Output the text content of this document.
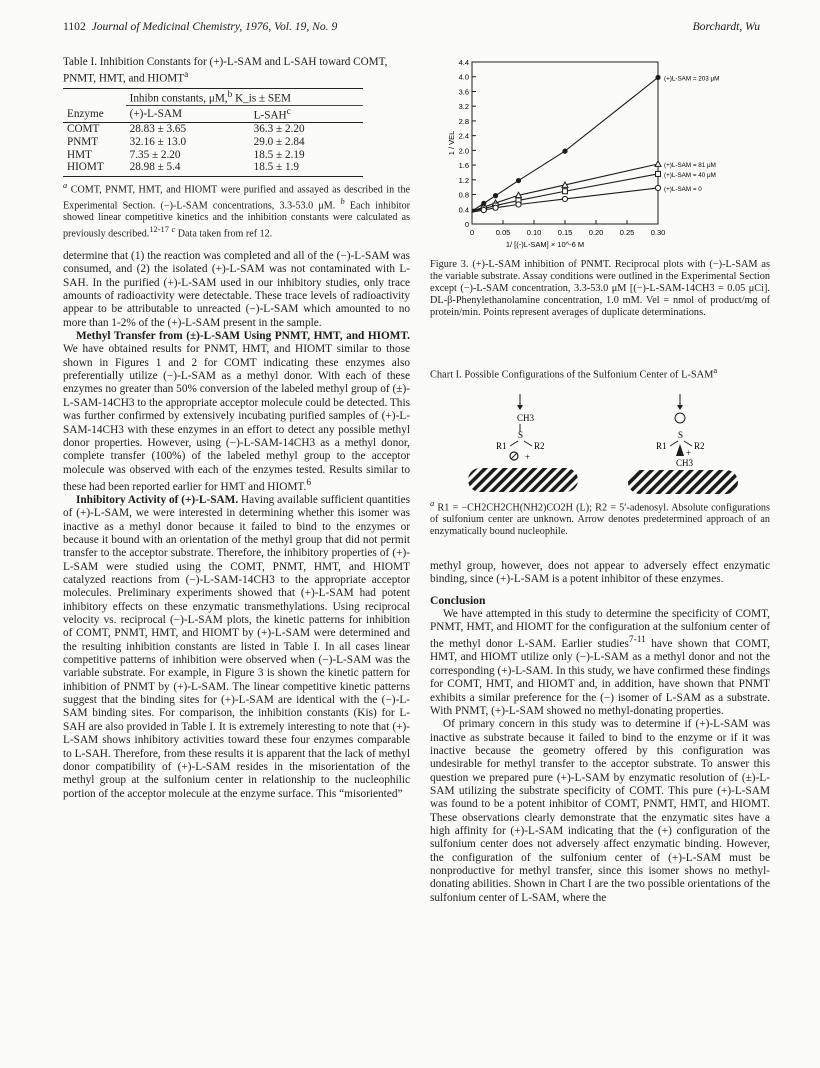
1102 Journal of Medicinal Chemistry, 1976, Vol. 19, No. 9	Borchardt, Wu
Table I. Inhibition Constants for (+)-L-SAM and L-SAH toward COMT, PNMT, HMT, and HIOMT$^a$
	Inhibn constants, μM,$^b$ K_is ± SEM	
Enzyme	(+)-L-SAM	L-SAH$^c$
COMT	28.83 ± 3.65	36.3 ± 2.20
PNMT	32.16 ± 13.0	29.0 ± 2.84
HMT	7.35 ± 2.20	18.5 ± 2.19
HIOMT	28.98 ± 5.4	18.5 ± 1.9
$^a$ COMT, PNMT, HMT, and HIOMT were purified and assayed as described in the Experimental Section. (−)-L-SAM concentrations, 3.3-53.0 μM. $^b$ Each inhibitor showed linear competitive kinetics and the inhibition constants were calculated as previously described.$^{12-17}$ $^c$ Data taken from ref 12.

determine that (1) the reaction was completed and all of the (−)-L-SAM was consumed, and (2) the isolated (+)-L-SAM was not contaminated with L-SAH. In the purified (+)-L-SAM used in our inhibitory studies, only trace amounts of radioactivity were detectable. These trace levels of radioactivity appear to be attributable to unreacted (−)-L-SAM which amounted to no more than 1-2% of the (+)-L-SAM present in the sample.

Methyl Transfer from (±)-L-SAM Using PNMT, HMT, and HIOMT. We have obtained results for PNMT, HMT, and HIOMT similar to those shown in Figures 1 and 2 for COMT indicating these enzymes also preferentially utilize (−)-L-SAM as a methyl donor. With each of these enzymes no greater than 50% conversion of the labeled methyl group of (±)-L-SAM-14CH3 to the appropriate acceptor molecule could be detected. This was further confirmed by extensively incubating purified samples of (+)-L-SAM-14CH3 with these enzymes in an effort to detect any possible methyl donor properties. However, using (−)-L-SAM-14CH3 as a methyl donor, complete transfer (100%) of the labeled methyl group to the acceptor molecule was observed with each of the enzymes tested. Results similar to these had been reported earlier for HMT and HIOMT.$^6$

Inhibitory Activity of (+)-L-SAM. Having available sufficient quantities of (+)-L-SAM, we were interested in determining whether this isomer was inactive as a methyl donor because it failed to bind to the enzymes or because it bound with an orientation of the methyl group that did not permit transfer to the acceptor substrate. Therefore, the inhibitory properties of (+)-L-SAM were studied using the COMT, PNMT, HMT, and HIOMT catalyzed reactions from (−)-L-SAM-14CH3 to the appropriate acceptor molecules. Preliminary experiments showed that (+)-L-SAM had potent inhibitory effects on these enzymatic transmethylations. Using reciprocal velocity vs. reciprocal (−)-L-SAM plots, the kinetic patterns for inhibition of COMT, PNMT, HMT, and HIOMT by (+)-L-SAM were determined and the resulting inhibition constants are listed in Table I. In all cases linear competitive patterns of inhibition were observed when (−)-L-SAM was the variable substrate. For example, in Figure 3 is shown the kinetic pattern for inhibition of PNMT by (+)-L-SAM. The linear competitive kinetic patterns suggest that the binding sites for (+)-L-SAM are identical with the (−)-L-SAM binding sites. For comparison, the inhibition constants (Kis) for L-SAH are also provided in Table I. It is extremely interesting to note that (+)-L-SAM shows inhibitory activities toward these four enzymes comparable to L-SAH. Therefore, from these results it is apparent that the lack of methyl donor compatibility of (+)-L-SAM resides in the misorientation of the methyl group at the sulfonium center in relationship to the nucleophilic portion of the acceptor molecule at the enzyme surface. This “misoriented”

0
0.4
0.8
1.2
1.6
2.0
2.4
2.8
3.2
3.6
4.0
4.4
0	0.05 0.10 0.15 0.20 0.25 0.30
1 / VEL
1/ [(-)L-SAM] × 10^-6 M
(+)L-SAM = 203 μM
(+)L-SAM = 81 μM
(+)L-SAM = 40 μM
(+)L-SAM = 0
Figure 3. (+)-L-SAM inhibition of PNMT. Reciprocal plots with (−)-L-SAM as the variable substrate. Assay conditions were outlined in the Experimental Section except (−)-L-SAM concentration, 3.3-53.0 μM [(−)-L-SAM-14CH3 = 0.05 μCi]. DL-β-Phenylethanolamine concentration, 1.0 mM. Vel = nmol of product/mg of protein/min. Points represent averages of duplicate determinations.
Chart I. Possible Configurations of the Sulfonium Center of L-SAM$^a$
CH3
S
R1	R2
+
S
R1	R2
+
CH3
$^a$ R1 = −CH2CH2CH(NH2)CO2H (L); R2 = 5′-adenosyl. Absolute configurations of sulfonium center are unknown. Arrow denotes predetermined approach of an enzymatically bound nucleophile.

methyl group, however, does not appear to adversely effect enzymatic binding, since (+)-L-SAM is a potent inhibitor of these enzymes.

Conclusion

We have attempted in this study to determine the specificity of COMT, PNMT, HMT, and HIOMT for the configuration at the sulfonium center of the methyl donor L-SAM. Earlier studies$^{7-11}$ have shown that COMT, HMT, and HIOMT utilize only (−)-L-SAM as a methyl donor and not the corresponding (+)-L-SAM. In this study, we have confirmed these findings for COMT, HMT, and HIOMT and, in addition, have shown that PNMT exhibits a similar preference for the (−) isomer of L-SAM as a substrate. With PNMT, (+)-L-SAM showed no methyl-donating properties.

Of primary concern in this study was to determine if (+)-L-SAM was inactive as substrate because it failed to bind to the enzyme or if it was inactive because the geometry offered by this configuration was undesirable for methyl transfer to the acceptor substrate. To answer this question we prepared pure (+)-L-SAM by enzymatic resolution of (±)-L-SAM utilizing the substrate specificity of COMT. This pure (+)-L-SAM was found to be a potent inhibitor of COMT, PNMT, HMT, and HIOMT. These observations clearly demonstrate that the enzymatic sites have a high affinity for (+)-L-SAM indicating that the (+) configuration of the sulfonium center does not adversely affect enzymatic binding. However, the configuration of the sulfonium center of (+)-L-SAM must be nonproductive for methyl transfer, since this isomer shows no methyl-donating abilities. Shown in Chart I are the two possible orientations of the sulfonium center of L-SAM, where the
